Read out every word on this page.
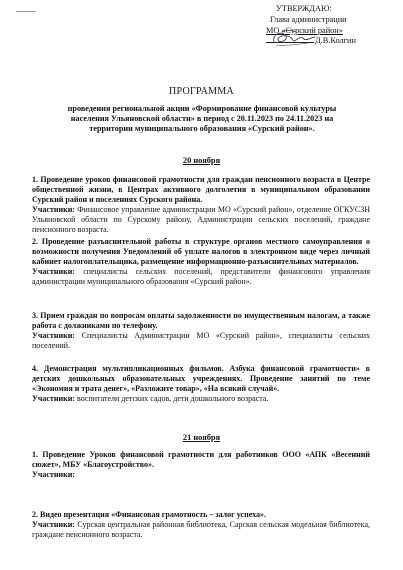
УТВЕРЖДАЮ:
Глава администрации
МО «Сурский район»
Д.В.Колгин
ПРОГРАММА
проведения региональной акции «Формирование финансовой культуры населения Ульяновской области» в период с 20.11.2023 по 24.11.2023 на территории муниципального образования «Сурский район».
20 ноября
1. Проведение уроков финансовой грамотности для граждан пенсионного возраста в Центре общественной жизни, в Центрах активного долголетия в муниципальном образовании Сурский район и поселениях Сурского района.
Участники: Финансовое управление администрации МО «Сурский район», отделение ОГКУСЗН Ульяновской области по Сурскому району, Администрации сельских поселений, граждане пенсионного возраста.
2. Проведение разъяснительной работы в структуре органов местного самоуправления о возможности получения Уведомлений об уплате налогов в электронном виде через личный кабинет налогоплательщика, размещение информационно-разъяснительных материалов.
Участники: специалисты сельских поселений, представители финансового управления администрации муниципального образования «Сурский район».
3. Прием граждан по вопросам оплаты задолженности по имущественным налогам, а также работа с должниками по телефону.
Участники: Специалисты Администрации МО «Сурский район», специалисты сельских поселений.
4. Демонстрация мультипликационных фильмов. Азбука финансовой грамотности» в детских дошкольных образовательных учреждениях. Проведение занятий по теме «Экономия и трата денег», «Разложите товар», «На всякий случай».
Участники: воспитатели детских садов, дети дошкольного возраста.
21 ноября
1. Проведение Уроков финансовой грамотности для работников ООО «АПК «Весенний сюжет», МБУ «Благоустройство».
Участники:
2. Видео презентация «Финансовая грамотность – залог успеха».
Участники: Сурская центральная районная библиотека, Сарская сельская модельная библиотека, граждане пенсионного возраста.
